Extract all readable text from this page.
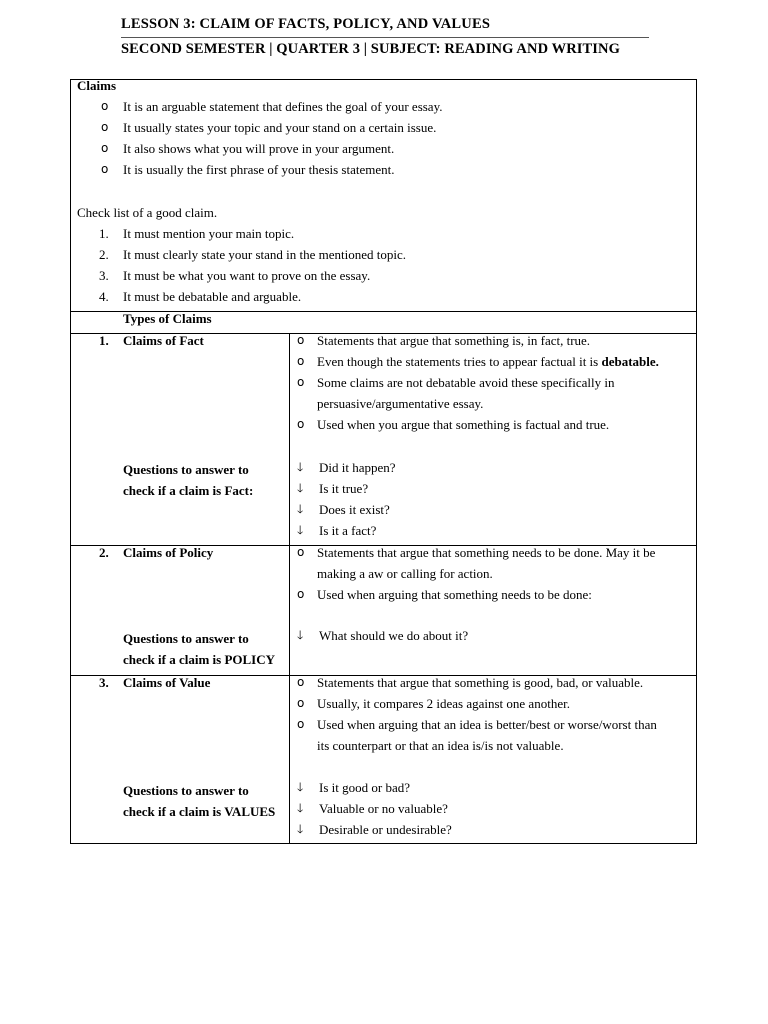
LESSON 3: CLAIM OF FACTS, POLICY, AND VALUES
SECOND SEMESTER | QUARTER 3 | SUBJECT: READING AND WRITING
Claims
o It is an arguable statement that defines the goal of your essay.
o It usually states your topic and your stand on a certain issue.
o It also shows what you will prove in your argument.
o It is usually the first phrase of your thesis statement.
Check list of a good claim.
1. It must mention your main topic.
2. It must clearly state your stand in the mentioned topic.
3. It must be what you want to prove on the essay.
4. It must be debatable and arguable.
Types of Claims
1. Claims of Fact
Questions to answer to
check if a claim is Fact:
o Statements that argue that something is, in fact, true.
o Even though the statements tries to appear factual it is debatable.
o Some claims are not debatable avoid these specifically in
persuasive/argumentative essay.
o Used when you argue that something is factual and true.
🡓 Did it happen?
🡓 Is it true?
🡓 Does it exist?
🡓 Is it a fact?
2. Claims of Policy
Questions to answer to
check if a claim is POLICY
o Statements that argue that something needs to be done. May it be
making a aw or calling for action.
o Used when arguing that something needs to be done:
🡓 What should we do about it?
3. Claims of Value
Questions to answer to
check if a claim is VALUES
o Statements that argue that something is good, bad, or valuable.
o Usually, it compares 2 ideas against one another.
o Used when arguing that an idea is better/best or worse/worst than
its counterpart or that an idea is/is not valuable.
🡓 Is it good or bad?
🡓 Valuable or no valuable?
🡓 Desirable or undesirable?
